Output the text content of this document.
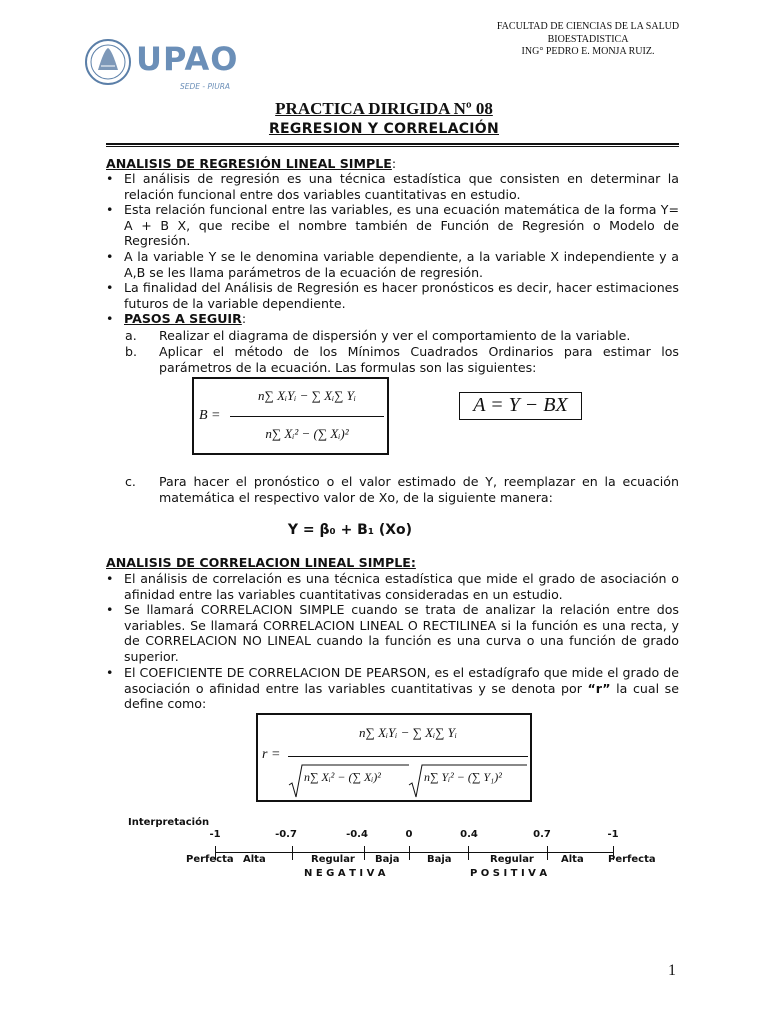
UPAO
SEDE - PIURA
FACULTAD DE CIENCIAS DE LA SALUD
BIOESTADISTICA
ING° PEDRO E. MONJA RUIZ.
PRACTICA DIRIGIDA Nº 08
REGRESION Y CORRELACIÓN
ANALISIS DE REGRESIÓN LINEAL SIMPLE:
• El análisis de regresión es una técnica estadística que consisten en determinar la relación funcional entre dos variables cuantitativas en estudio.
• Esta relación funcional entre las variables, es una ecuación matemática de la forma Y= A + B X, que recibe el nombre también de Función de Regresión o Modelo de Regresión.
• A la variable Y se le denomina variable dependiente, a la variable X independiente y a A,B se les llama parámetros de la ecuación de regresión.
• La finalidad del Análisis de Regresión es hacer pronósticos es decir, hacer estimaciones futuros de la variable dependiente.
• PASOS A SEGUIR:
a.	Realizar el diagrama de dispersión y ver el comportamiento de la variable.
b.	Aplicar el método de los Mínimos Cuadrados Ordinarios para estimar los parámetros de la ecuación. Las formulas son las siguientes:
B =
n∑ XᵢYᵢ − ∑ Xᵢ∑ Yᵢ
n∑ Xᵢ² − (∑ Xᵢ)²
A = Y − BX
c.	Para hacer el pronóstico o el valor estimado de Y, reemplazar en la ecuación matemática el respectivo valor de Xo, de la siguiente manera:
Y = β₀ + B₁ (Xo)
ANALISIS DE CORRELACION LINEAL SIMPLE:
• El análisis de correlación es una técnica estadística que mide el grado de asociación o afinidad entre las variables cuantitativas consideradas en un estudio.
• Se llamará CORRELACION SIMPLE cuando se trata de analizar la relación entre dos variables. Se llamará CORRELACION LINEAL O RECTILINEA si la función es una recta, y de CORRELACION NO LINEAL cuando la función es una curva o una función de grado superior.
• El COEFICIENTE DE CORRELACION DE PEARSON, es el estadígrafo que mide el grado de asociación o afinidad entre las variables cuantitativas y se denota por “r” la cual se define como:
r =
n∑ XᵢYᵢ − ∑ Xᵢ∑ Yᵢ
n∑ Xᵢ² − (∑ Xᵢ)²	n∑ Yᵢ² − (∑ Y₁)²
Interpretación
-1	-0.7	-0.4	0	0.4	0.7	-1
Perfecta Alta	Regular Baja	Baja	Regular	Alta Perfecta
N E G A T I V A	P O S I T I V A
1
